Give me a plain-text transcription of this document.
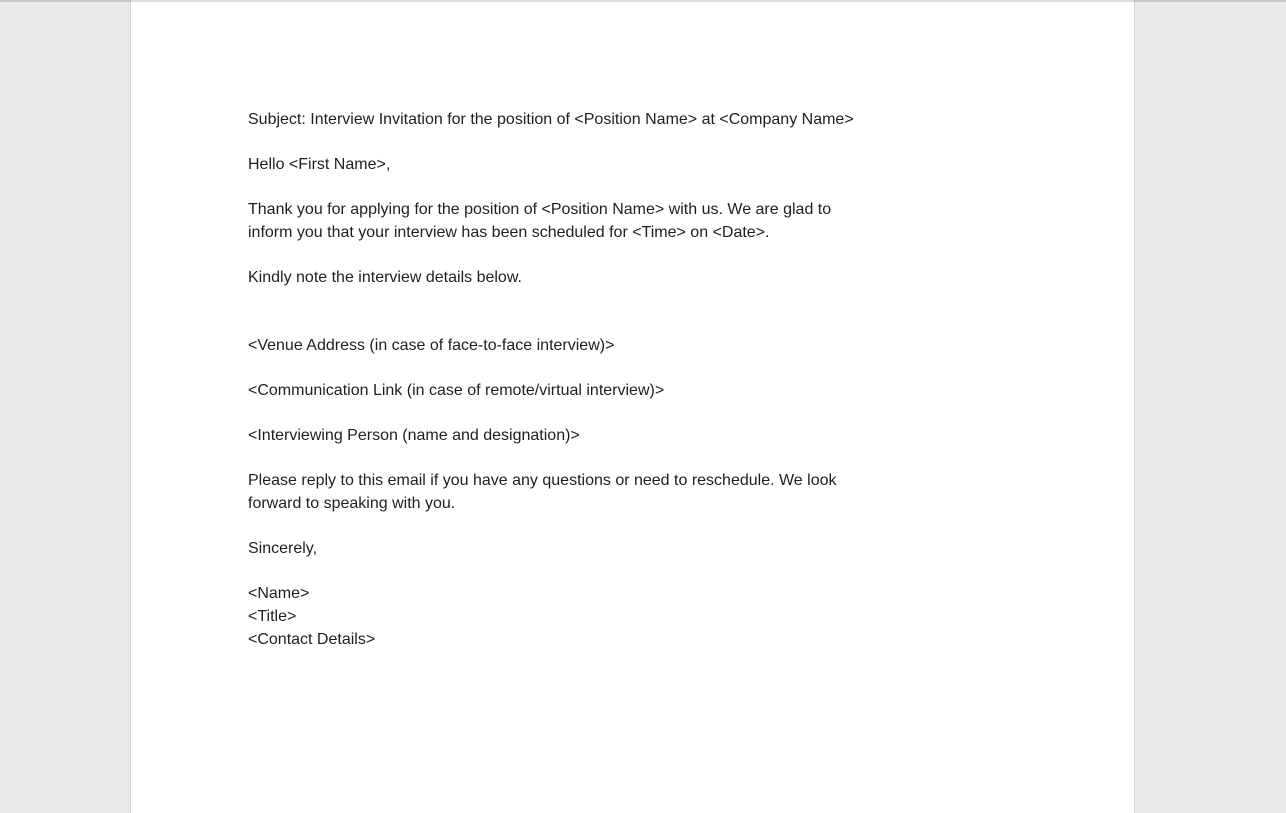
Subject: Interview Invitation for the position of <Position Name> at <Company Name>
Hello <First Name>,
Thank you for applying for the position of <Position Name> with us. We are glad to
inform you that your interview has been scheduled for <Time> on <Date>.
Kindly note the interview details below.
<Venue Address (in case of face-to-face interview)>
<Communication Link (in case of remote/virtual interview)>
<Interviewing Person (name and designation)>
Please reply to this email if you have any questions or need to reschedule. We look
forward to speaking with you.
Sincerely,
<Name>
<Title>
<Contact Details>
